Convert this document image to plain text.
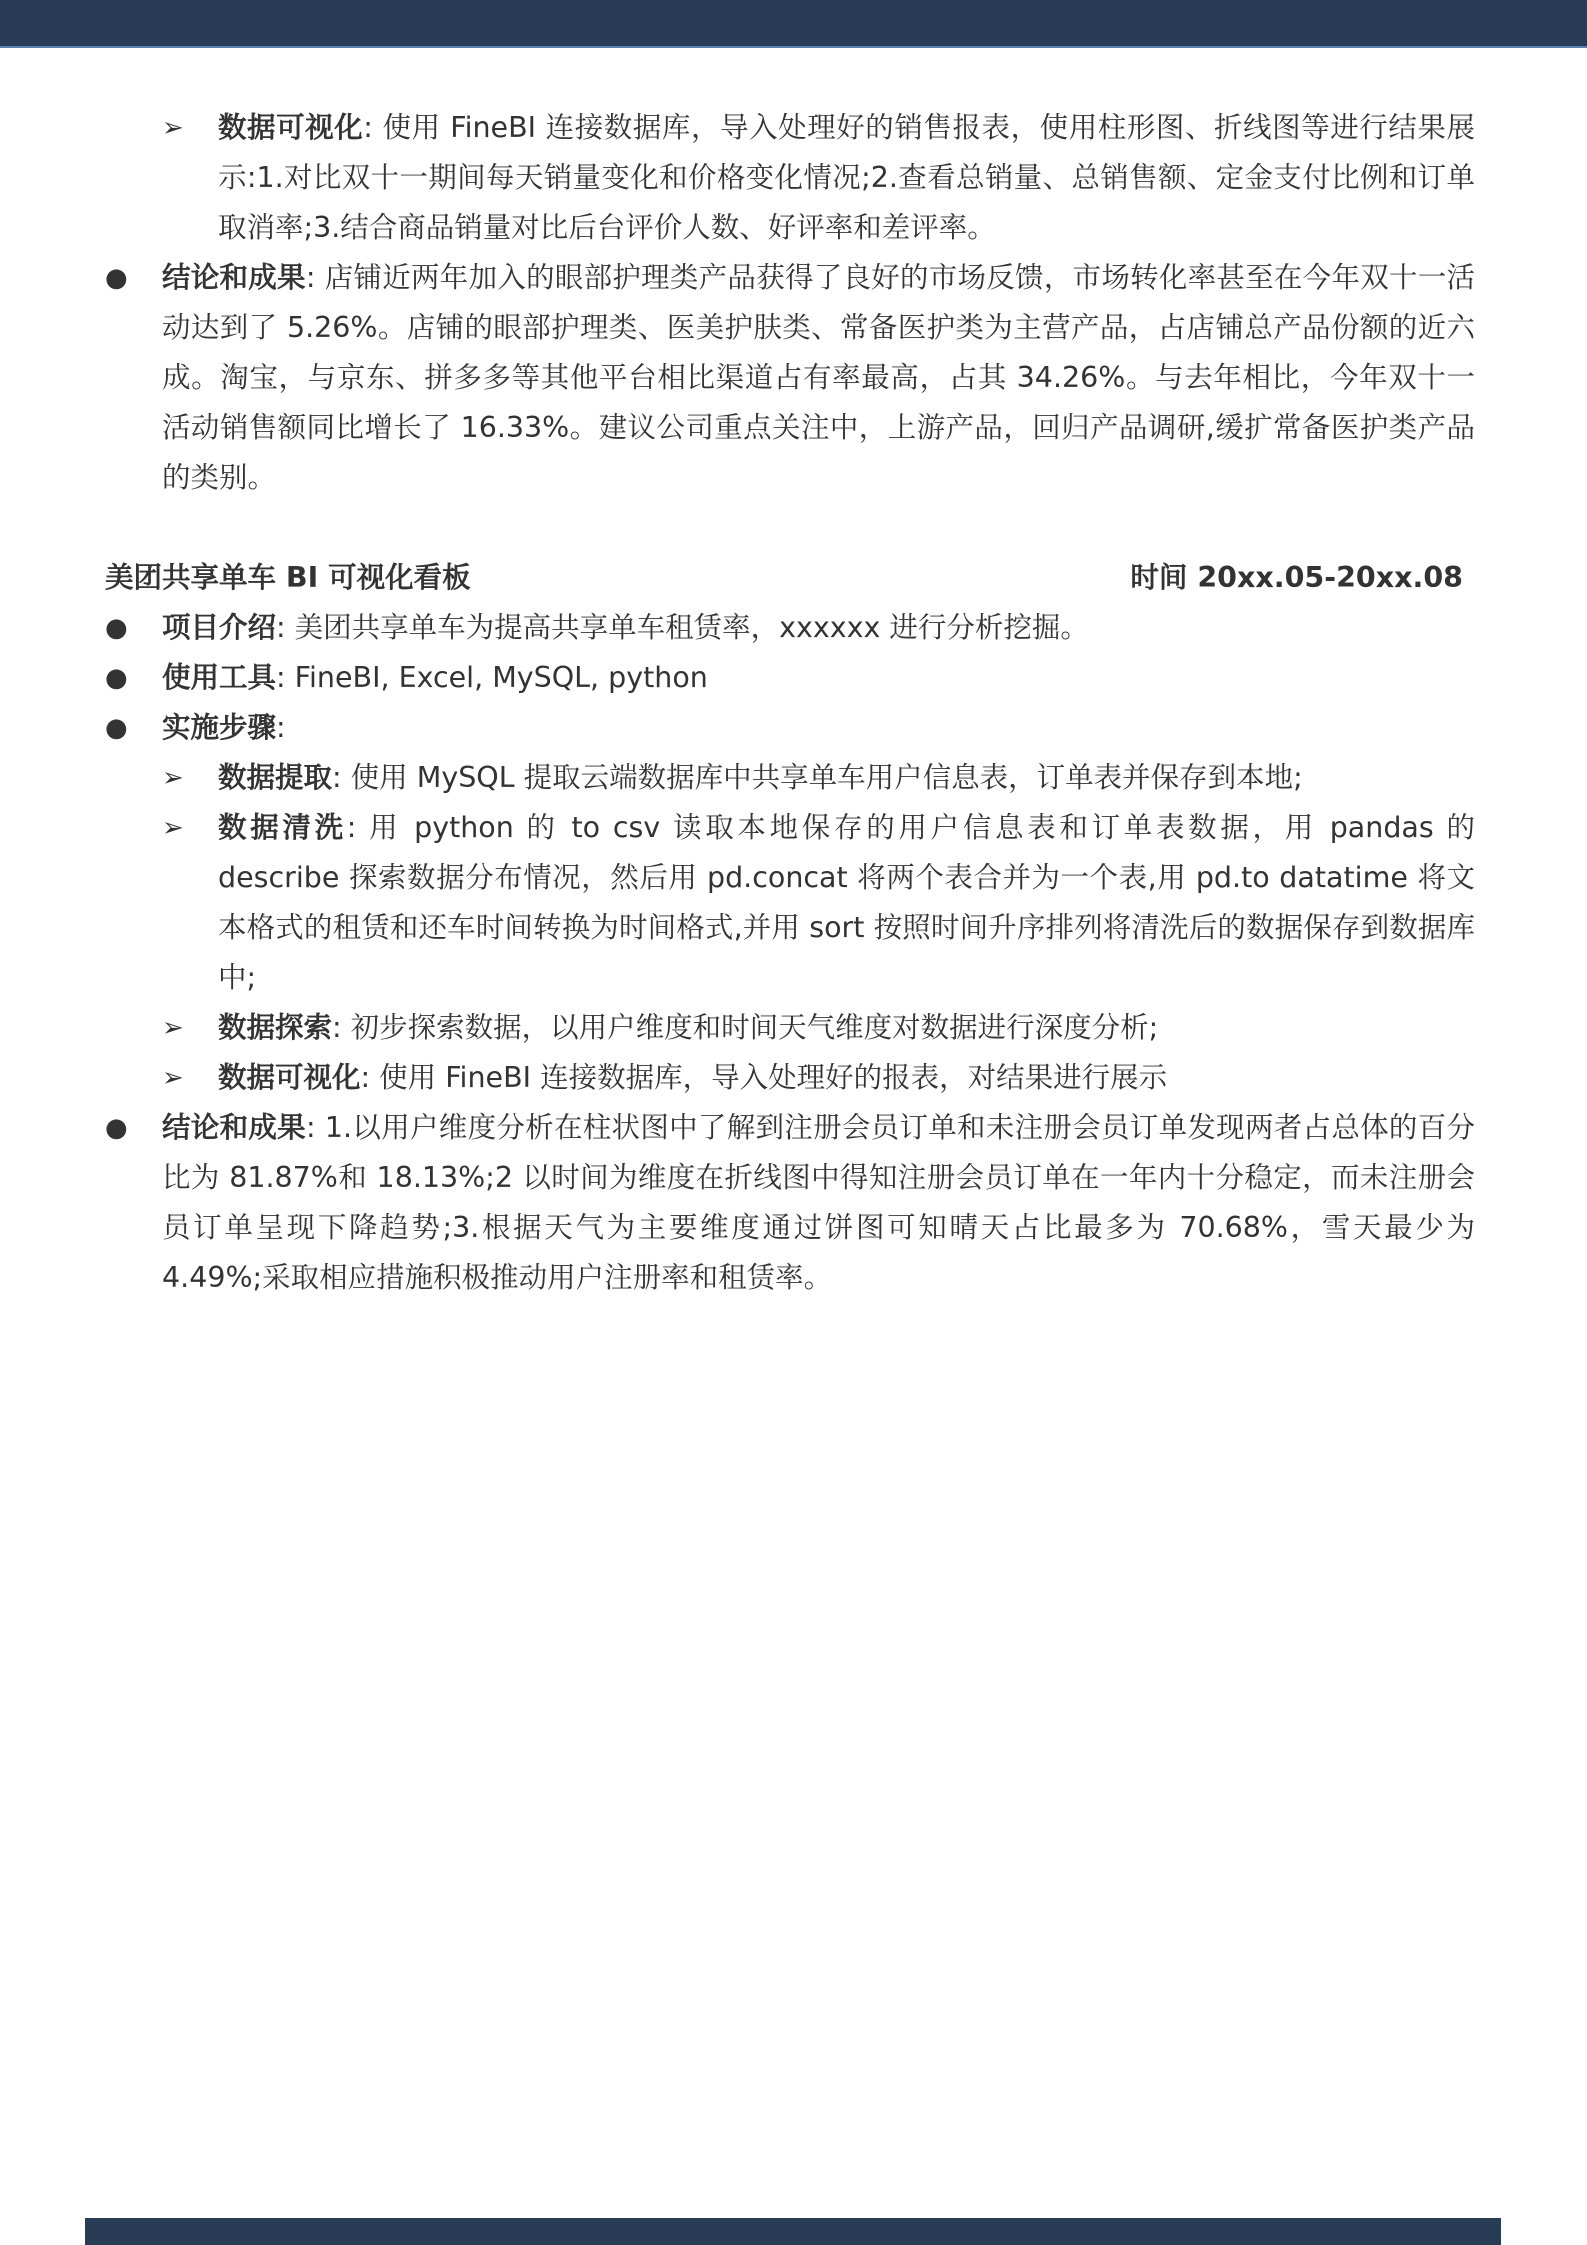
➢ 数据可视化: 使用 FineBI 连接数据库，导入处理好的销售报表，使用柱形图、折线图等进行结果展示:1.对比双十一期间每天销量变化和价格变化情况;2.查看总销量、总销售额、定金支付比例和订单取消率;3.结合商品销量对比后台评价人数、好评率和差评率。
● 结论和成果: 店铺近两年加入的眼部护理类产品获得了良好的市场反馈，市场转化率甚至在今年双十一活动达到了 5.26%。店铺的眼部护理类、医美护肤类、常备医护类为主营产品，占店铺总产品份额的近六成。淘宝，与京东、拼多多等其他平台相比渠道占有率最高，占其 34.26%。与去年相比，今年双十一活动销售额同比增长了 16.33%。建议公司重点关注中，上游产品，回归产品调研,缓扩常备医护类产品的类别。
美团共享单车 BI 可视化看板	时间 20xx.05-20xx.08
● 项目介绍: 美团共享单车为提高共享单车租赁率，xxxxxx 进行分析挖掘。
● 使用工具: FineBI, Excel, MySQL, python
● 实施步骤:
➢ 数据提取: 使用 MySQL 提取云端数据库中共享单车用户信息表，订单表并保存到本地;
➢ 数据清洗: 用 python 的 to csv 读取本地保存的用户信息表和订单表数据，用 pandas 的 describe 探索数据分布情况，然后用 pd.concat 将两个表合并为一个表,用 pd.to datatime 将文本格式的租赁和还车时间转换为时间格式,并用 sort 按照时间升序排列将清洗后的数据保存到数据库中;
➢ 数据探索: 初步探索数据，以用户维度和时间天气维度对数据进行深度分析;
➢ 数据可视化: 使用 FineBI 连接数据库，导入处理好的报表，对结果进行展示
● 结论和成果: 1.以用户维度分析在柱状图中了解到注册会员订单和未注册会员订单发现两者占总体的百分比为 81.87%和 18.13%;2 以时间为维度在折线图中得知注册会员订单在一年内十分稳定，而未注册会员订单呈现下降趋势;3.根据天气为主要维度通过饼图可知晴天占比最多为 70.68%，雪天最少为 4.49%;采取相应措施积极推动用户注册率和租赁率。
